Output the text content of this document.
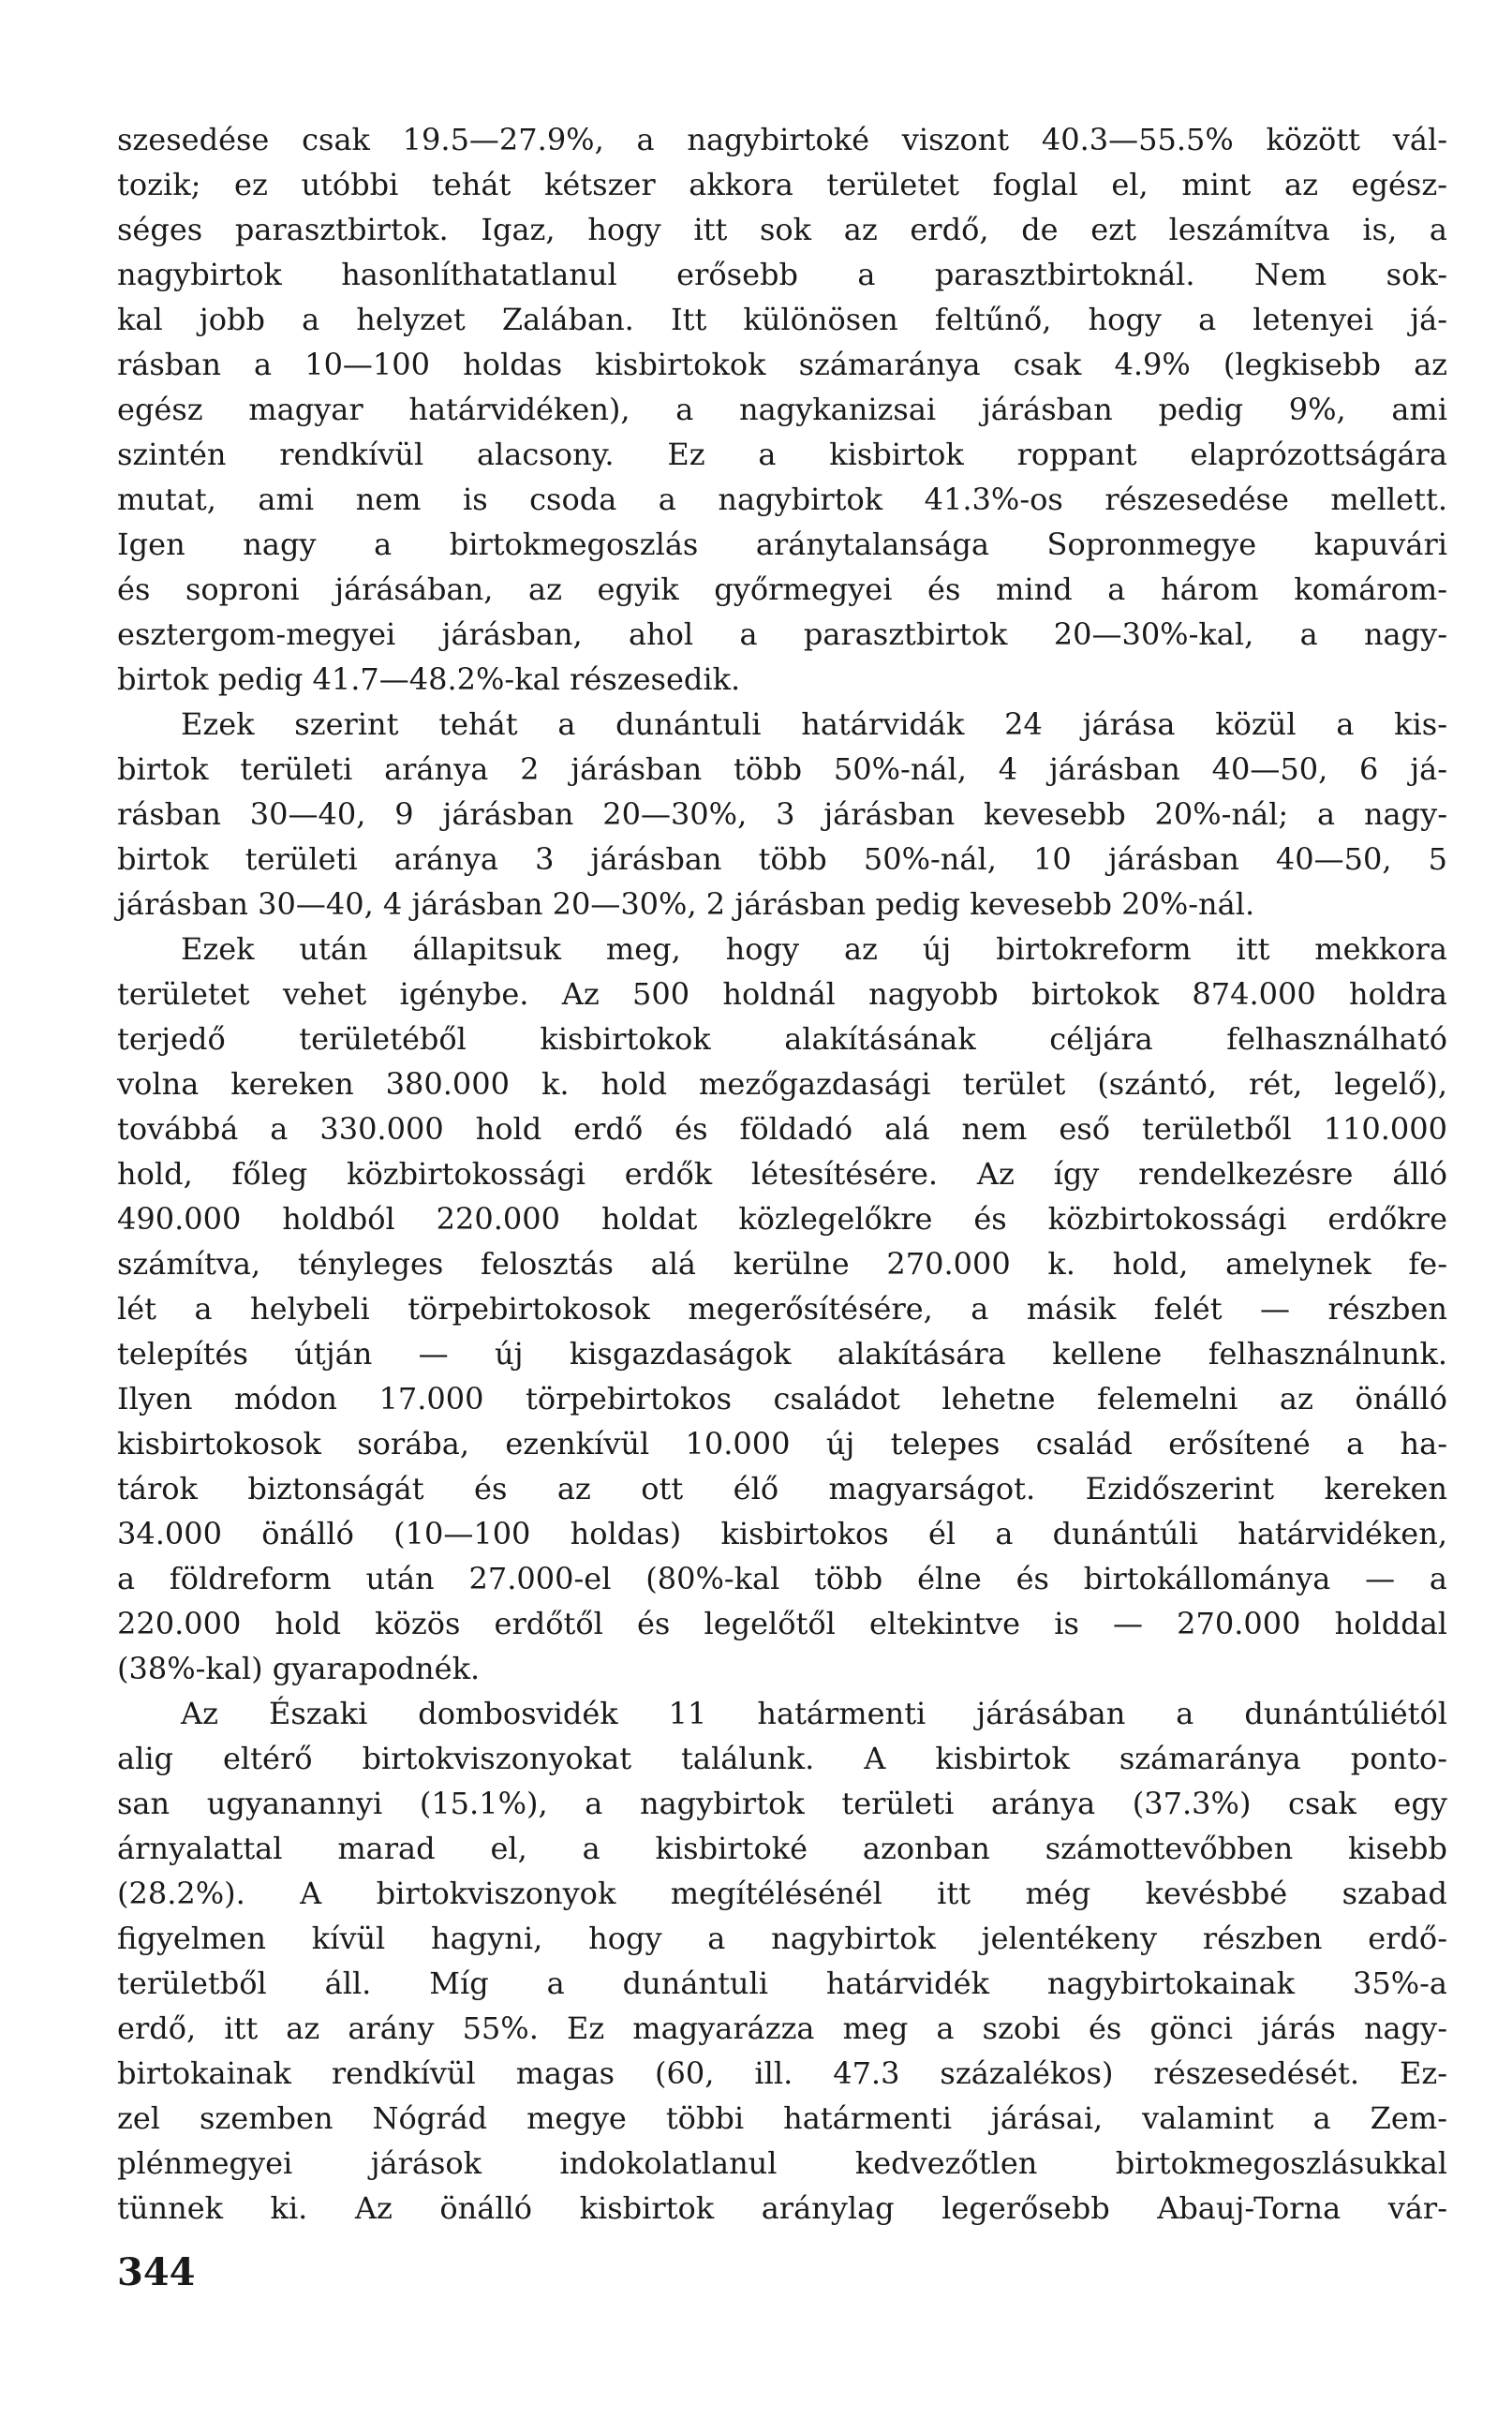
szesedése csak 19.5—27.9%, a nagybirtoké viszont 40.3—55.5% között vál-
tozik; ez utóbbi tehát kétszer akkora területet foglal el, mint az egész-
séges parasztbirtok. Igaz, hogy itt sok az erdő, de ezt leszámítva is, a
nagybirtok hasonlíthatatlanul erősebb a parasztbirtoknál. Nem sok-
kal jobb a helyzet Zalában. Itt különösen feltűnő, hogy a letenyei já-
rásban a 10—100 holdas kisbirtokok számaránya csak 4.9% (legkisebb az
egész magyar határvidéken), a nagykanizsai járásban pedig 9%, ami
szintén rendkívül alacsony. Ez a kisbirtok roppant elaprózottságára
mutat, ami nem is csoda a nagybirtok 41.3%-os részesedése mellett.
Igen nagy a birtokmegoszlás aránytalansága Sopronmegye kapuvári
és soproni járásában, az egyik győrmegyei és mind a három komárom-
esztergom-megyei járásban, ahol a parasztbirtok 20—30%-kal, a nagy-
birtok pedig 41.7—48.2%-kal részesedik.
Ezek szerint tehát a dunántuli határvidák 24 járása közül a kis-
birtok területi aránya 2 járásban több 50%-nál, 4 járásban 40—50, 6 já-
rásban 30—40, 9 járásban 20—30%, 3 járásban kevesebb 20%-nál; a nagy-
birtok területi aránya 3 járásban több 50%-nál, 10 járásban 40—50, 5
járásban 30—40, 4 járásban 20—30%, 2 járásban pedig kevesebb 20%-nál.
Ezek után állapitsuk meg, hogy az új birtokreform itt mekkora
területet vehet igénybe. Az 500 holdnál nagyobb birtokok 874.000 holdra
terjedő területéből kisbirtokok alakításának céljára felhasználható
volna kereken 380.000 k. hold mezőgazdasági terület (szántó, rét, legelő),
továbbá a 330.000 hold erdő és földadó alá nem eső területből 110.000
hold, főleg közbirtokossági erdők létesítésére. Az így rendelkezésre álló
490.000 holdból 220.000 holdat közlegelőkre és közbirtokossági erdőkre
számítva, tényleges felosztás alá kerülne 270.000 k. hold, amelynek fe-
lét a helybeli törpebirtokosok megerősítésére, a másik felét — részben
telepítés útján — új kisgazdaságok alakítására kellene felhasználnunk.
Ilyen módon 17.000 törpebirtokos családot lehetne felemelni az önálló
kisbirtokosok sorába, ezenkívül 10.000 új telepes család erősítené a ha-
tárok biztonságát és az ott élő magyarságot. Ezidőszerint kereken
34.000 önálló (10—100 holdas) kisbirtokos él a dunántúli határvidéken,
a földreform után 27.000-el (80%-kal több élne és birtokállománya — a
220.000 hold közös erdőtől és legelőtől eltekintve is — 270.000 holddal
(38%-kal) gyarapodnék.
Az Északi dombosvidék 11 határmenti járásában a dunántúliétól
alig eltérő birtokviszonyokat találunk. A kisbirtok számaránya ponto-
san ugyanannyi (15.1%), a nagybirtok területi aránya (37.3%) csak egy
árnyalattal marad el, a kisbirtoké azonban számottevőbben kisebb
(28.2%). A birtokviszonyok megítélésénél itt még kevésbbé szabad
figyelmen kívül hagyni, hogy a nagybirtok jelentékeny részben erdő-
területből áll. Míg a dunántuli határvidék nagybirtokainak 35%-a
erdő, itt az arány 55%. Ez magyarázza meg a szobi és gönci járás nagy-
birtokainak rendkívül magas (60, ill. 47.3 százalékos) részesedését. Ez-
zel szemben Nógrád megye többi határmenti járásai, valamint a Zem-
plénmegyei járások indokolatlanul kedvezőtlen birtokmegoszlásukkal
tünnek ki. Az önálló kisbirtok aránylag legerősebb Abauj-Torna vár-
344
